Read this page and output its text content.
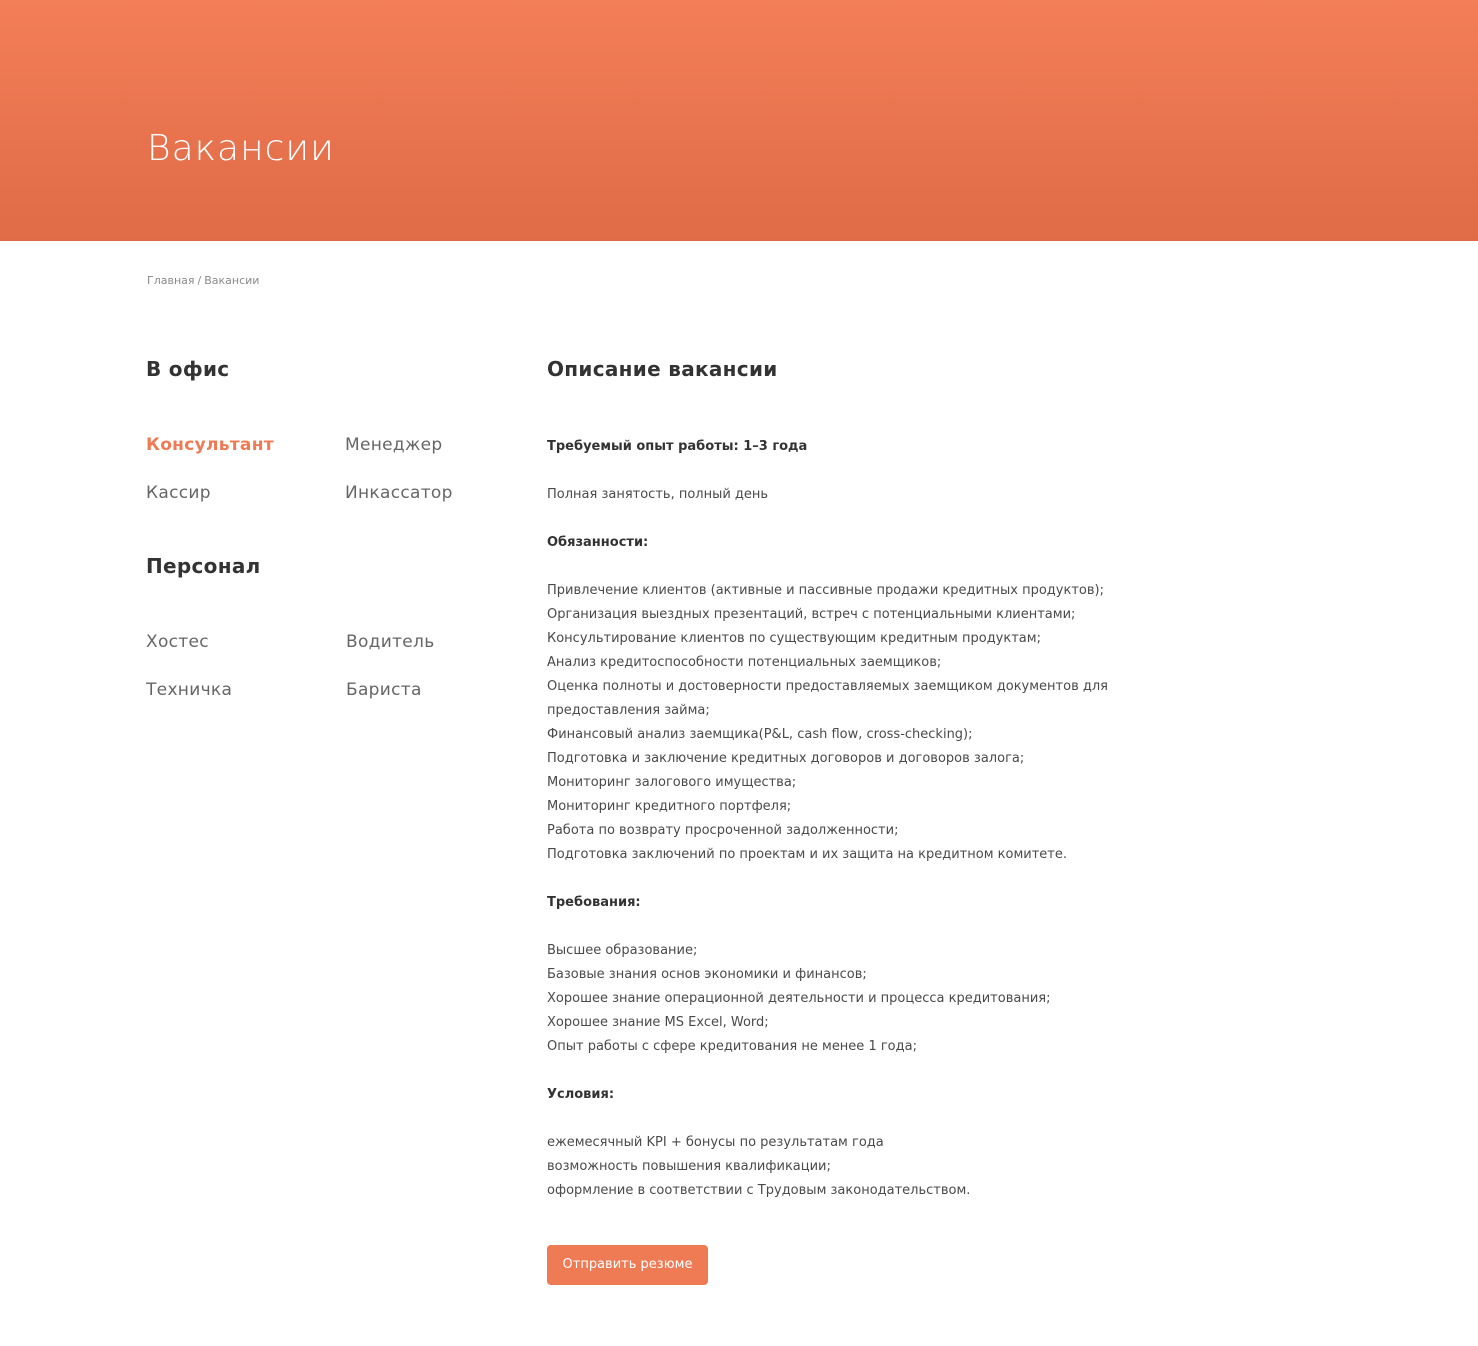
Вакансии
Главная / Вакансии
В офис
Консультант	Менеджер
Кассир	Инкассатор
Персонал
Хостес	Водитель
Техничка	Бариста
Описание вакансии
Требуемый опыт работы: 1–3 года
Полная занятость, полный день
Обязанности:
Привлечение клиентов (активные и пассивные продажи кредитных продуктов);
Организация выездных презентаций, встреч с потенциальными клиентами;
Консультирование клиентов по существующим кредитным продуктам;
Анализ кредитоспособности потенциальных заемщиков;
Оценка полноты и достоверности предоставляемых заемщиком документов для предоставления займа;
Финансовый анализ заемщика(P&L, cash flow, cross-checking);
Подготовка и заключение кредитных договоров и договоров залога;
Мониторинг залогового имущества;
Мониторинг кредитного портфеля;
Работа по возврату просроченной задолженности;
Подготовка заключений по проектам и их защита на кредитном комитете.
Требования:
Высшее образование;
Базовые знания основ экономики и финансов;
Хорошее знание операционной деятельности и процесса кредитования;
Хорошее знание MS Excel, Word;
Опыт работы с сфере кредитования не менее 1 года;
Условия:
ежемесячный KPI + бонусы по результатам года
возможность повышения квалификации;
оформление в соответствии с Трудовым законодательством.
Отправить резюме
